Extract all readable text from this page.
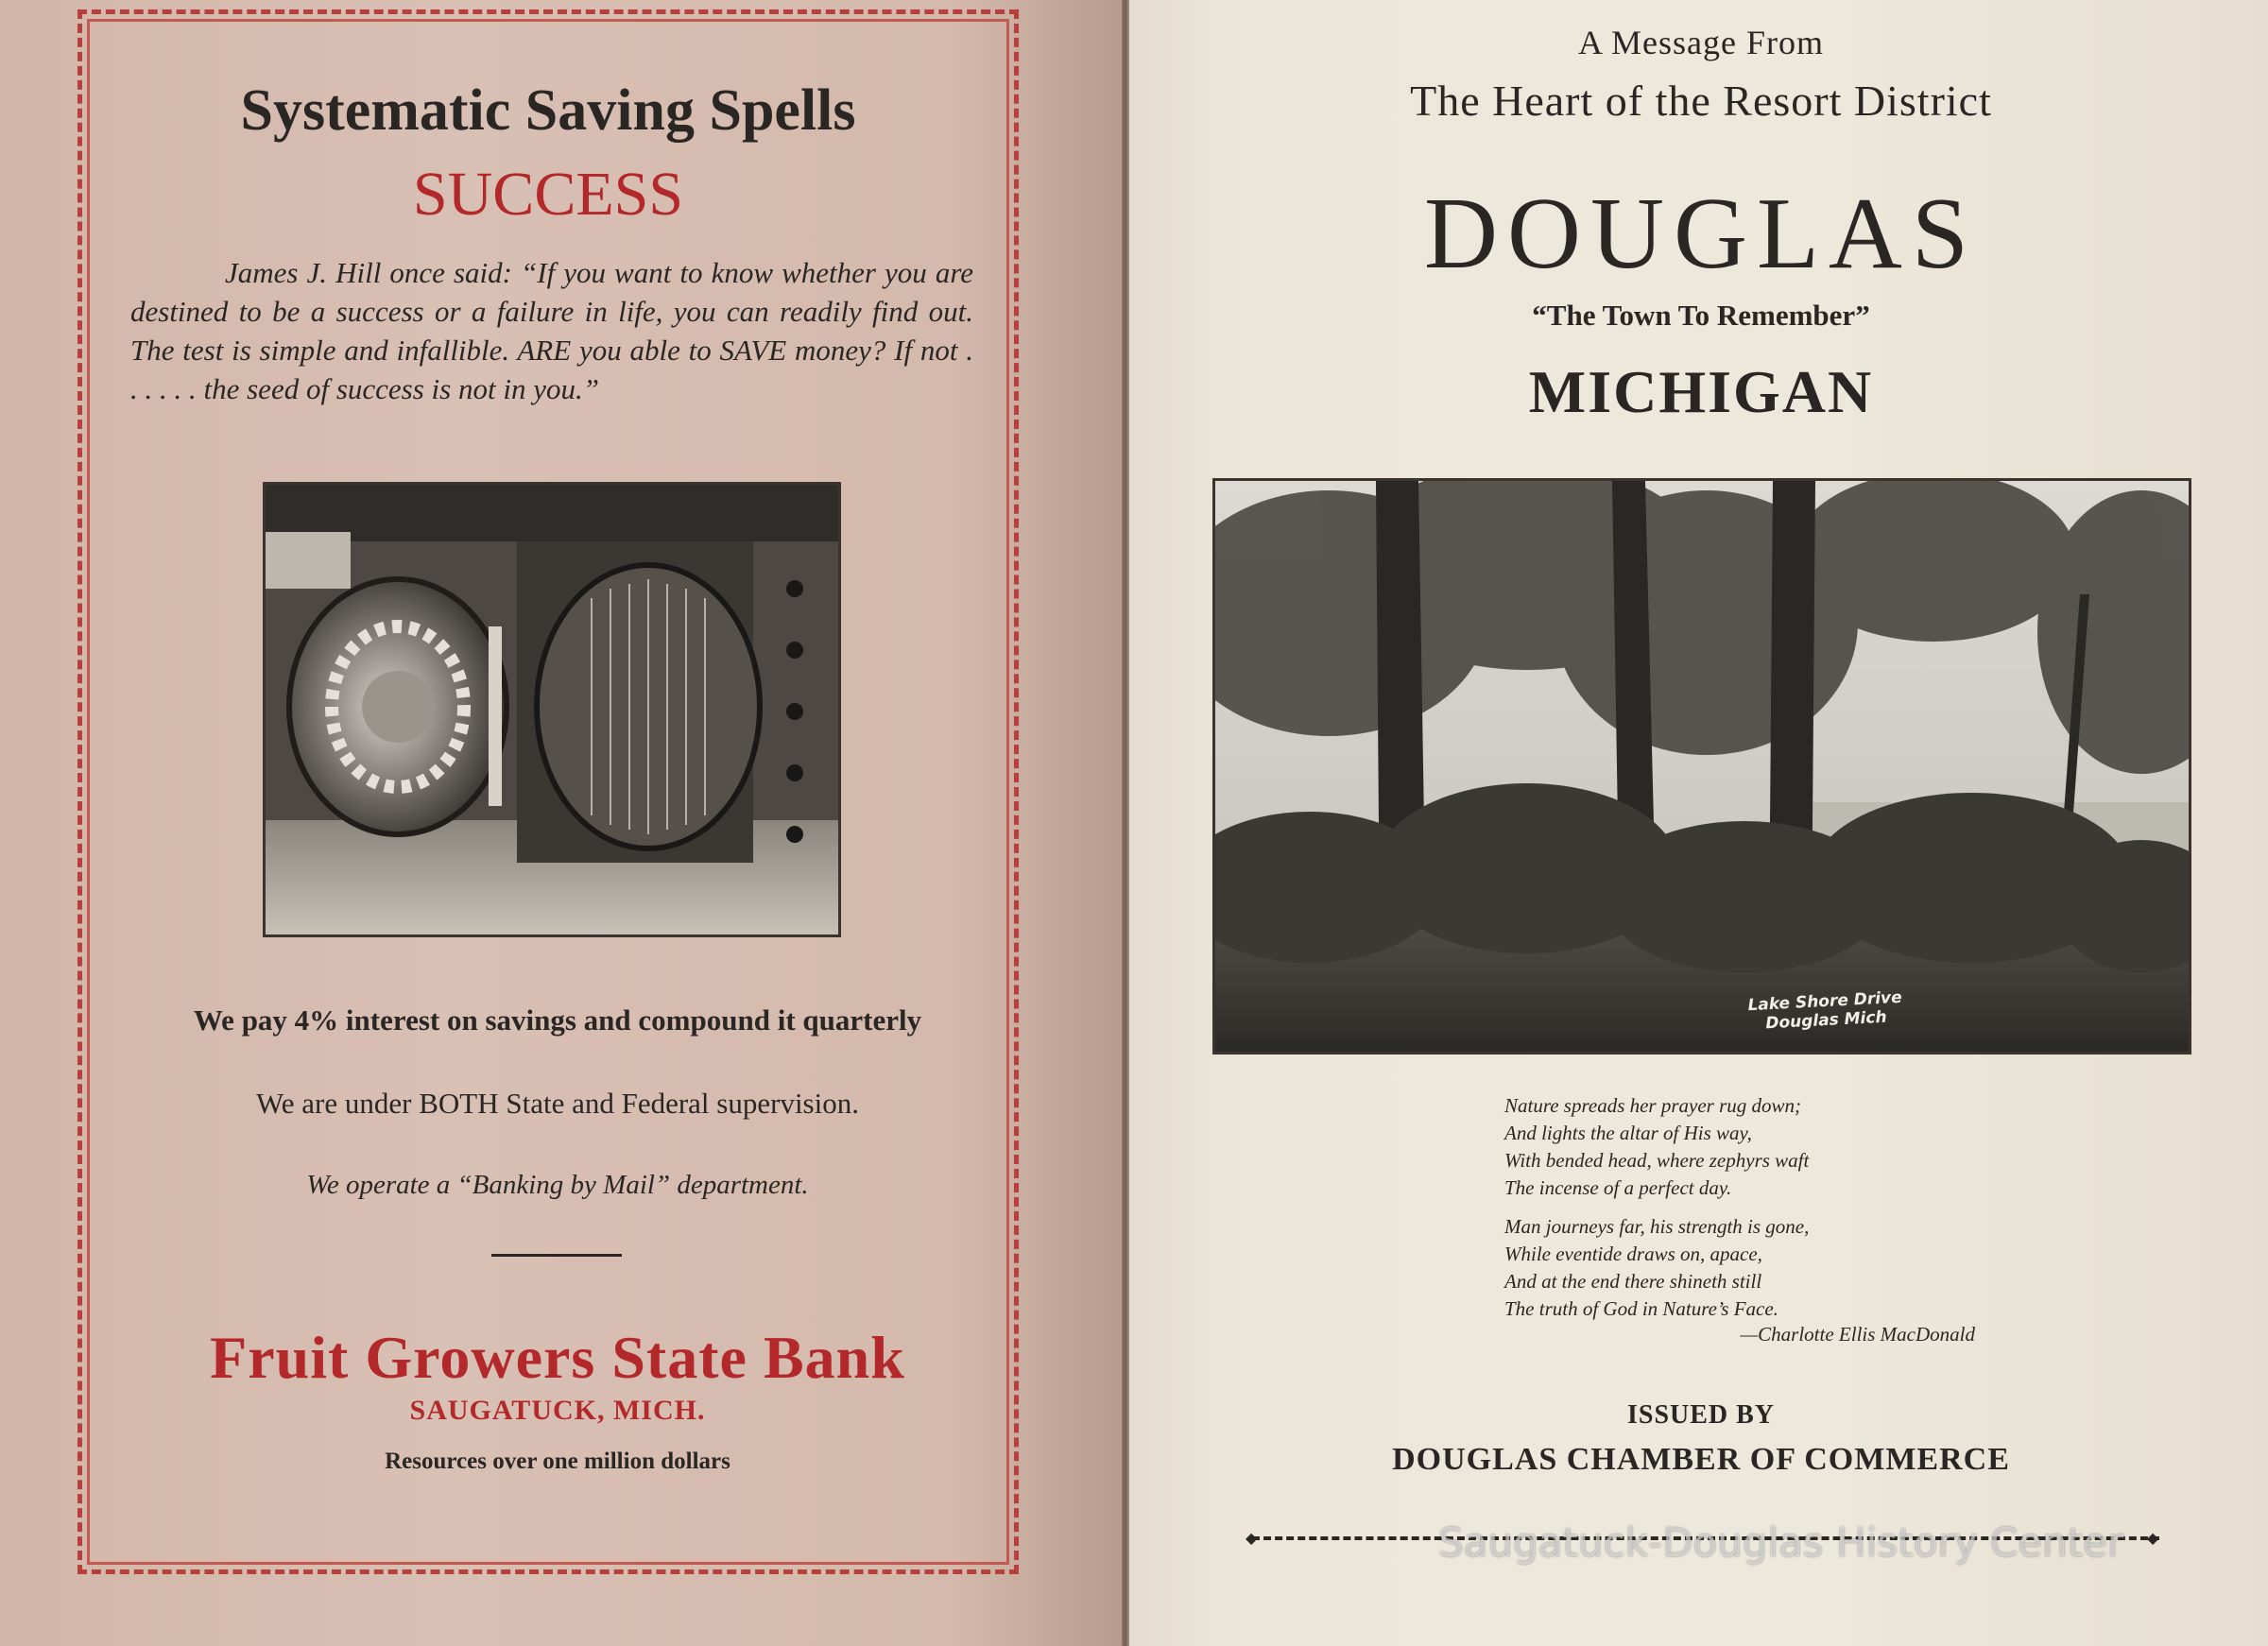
Systematic Saving Spells
SUCCESS
James J. Hill once said: “If you want to know whether you are destined to be a success or a failure in life, you can readily find out. The test is simple and infallible. ARE you able to SAVE money? If not . . . . . . the seed of success is not in you.”
We pay 4% interest on savings and compound it quarterly
We are under BOTH State and Federal supervision.
We operate a “Banking by Mail” department.
Fruit Growers State Bank
SAUGATUCK, MICH.
Resources over one million dollars
A Message From
The Heart of the Resort District
DOUGLAS
“The Town To Remember”
MICHIGAN
Lake Shore Drive
Douglas Mich
Nature spreads her prayer rug down;
And lights the altar of His way,
With bended head, where zephyrs waft
The incense of a perfect day.
Man journeys far, his strength is gone,
While eventide draws on, apace,
And at the end there shineth still
The truth of God in Nature’s Face.
—Charlotte Ellis MacDonald
ISSUED BY
DOUGLAS CHAMBER OF COMMERCE
◆	◆
Saugatuck-Douglas History Center
